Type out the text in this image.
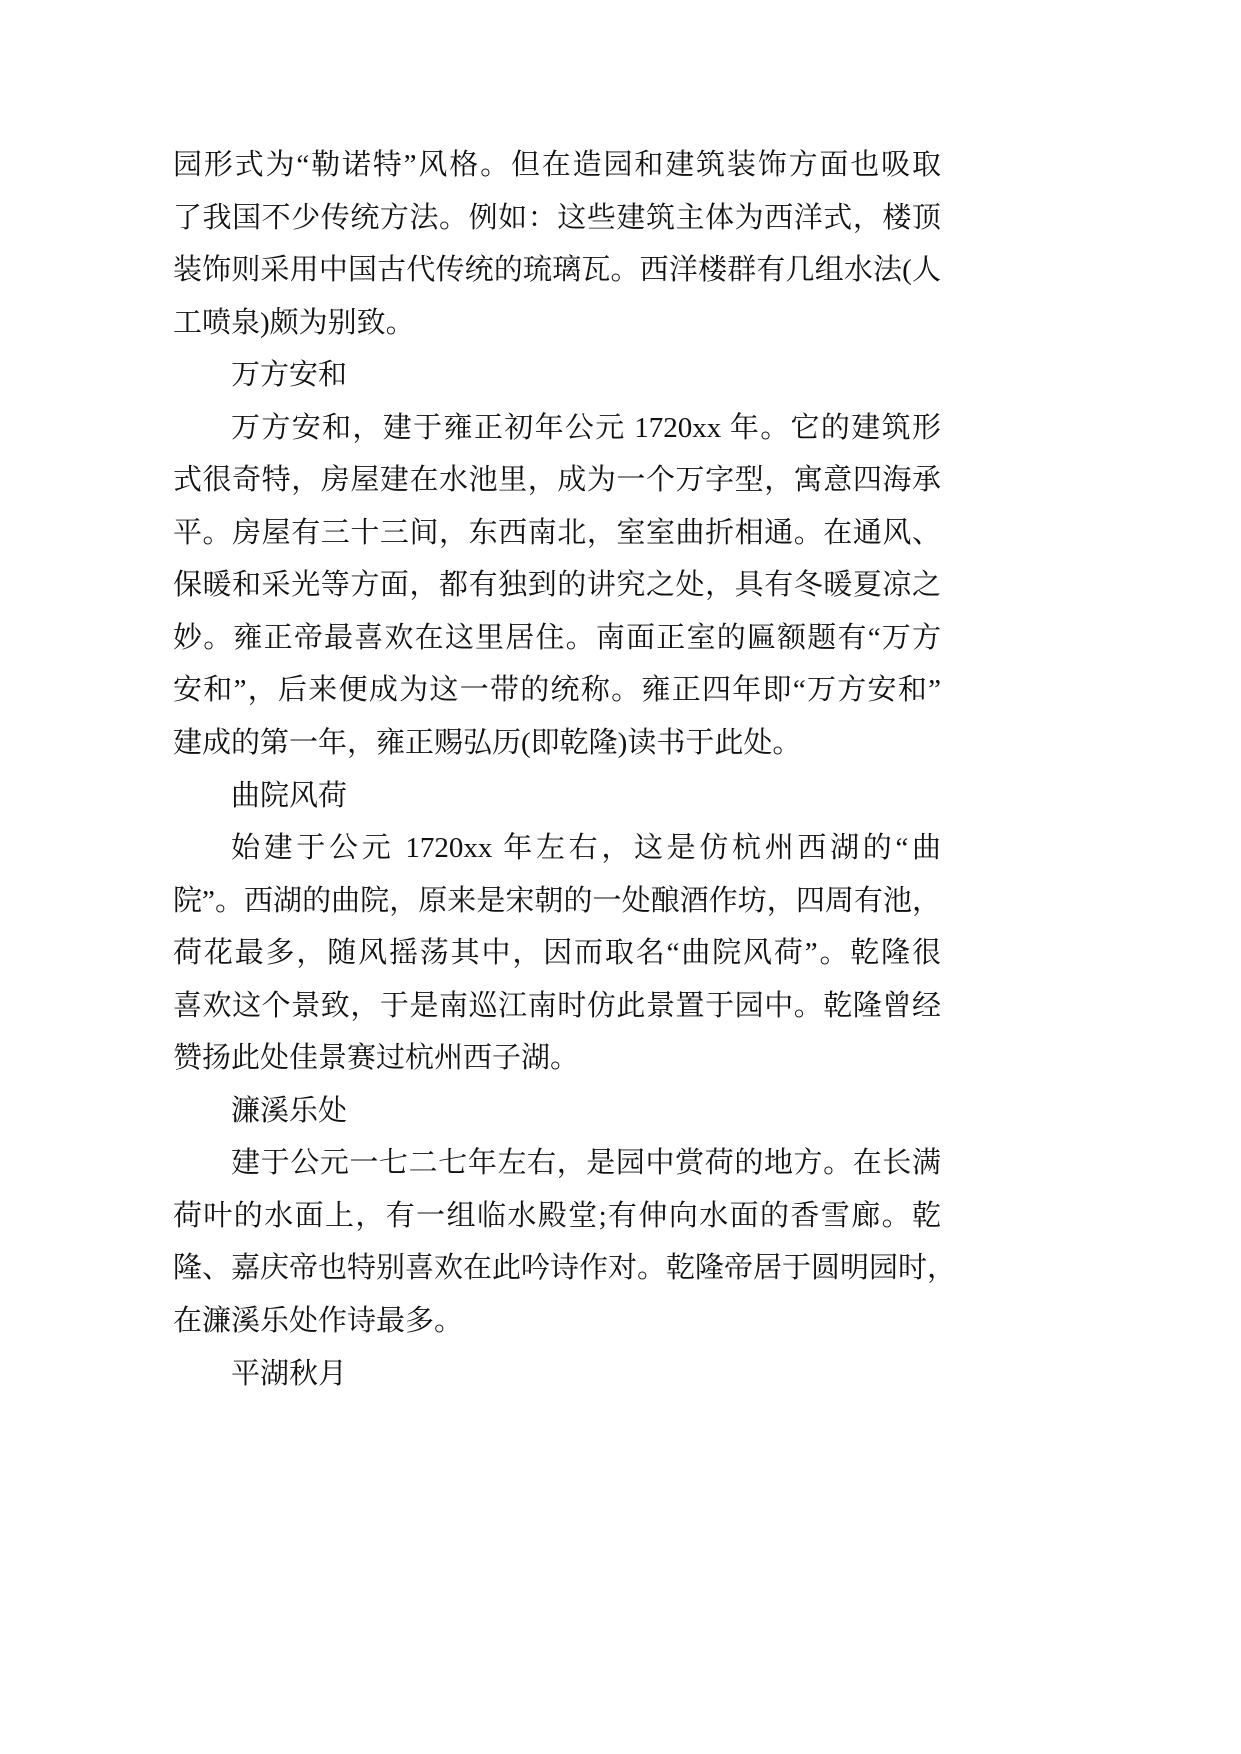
园形式为“勒诺特”风格。但在造园和建筑装饰方面也吸取
了我国不少传统方法。例如：这些建筑主体为西洋式，楼顶
装饰则采用中国古代传统的琉璃瓦。西洋楼群有几组水法(人
工喷泉)颇为别致。
万方安和
万方安和，建于雍正初年公元 1720xx 年。它的建筑形
式很奇特，房屋建在水池里，成为一个万字型，寓意四海承
平。房屋有三十三间，东西南北，室室曲折相通。在通风、
保暖和采光等方面，都有独到的讲究之处，具有冬暖夏凉之
妙。雍正帝最喜欢在这里居住。南面正室的匾额题有“万方
安和”，后来便成为这一带的统称。雍正四年即“万方安和”
建成的第一年，雍正赐弘历(即乾隆)读书于此处。
曲院风荷
始建于公元 1720xx 年左右，这是仿杭州西湖的“曲
院”。西湖的曲院，原来是宋朝的一处酿酒作坊，四周有池，
荷花最多，随风摇荡其中，因而取名“曲院风荷”。乾隆很
喜欢这个景致，于是南巡江南时仿此景置于园中。乾隆曾经
赞扬此处佳景赛过杭州西子湖。
濂溪乐处
建于公元一七二七年左右，是园中赏荷的地方。在长满
荷叶的水面上，有一组临水殿堂;有伸向水面的香雪廊。乾
隆、嘉庆帝也特别喜欢在此吟诗作对。乾隆帝居于圆明园时，
在濂溪乐处作诗最多。
平湖秋月
